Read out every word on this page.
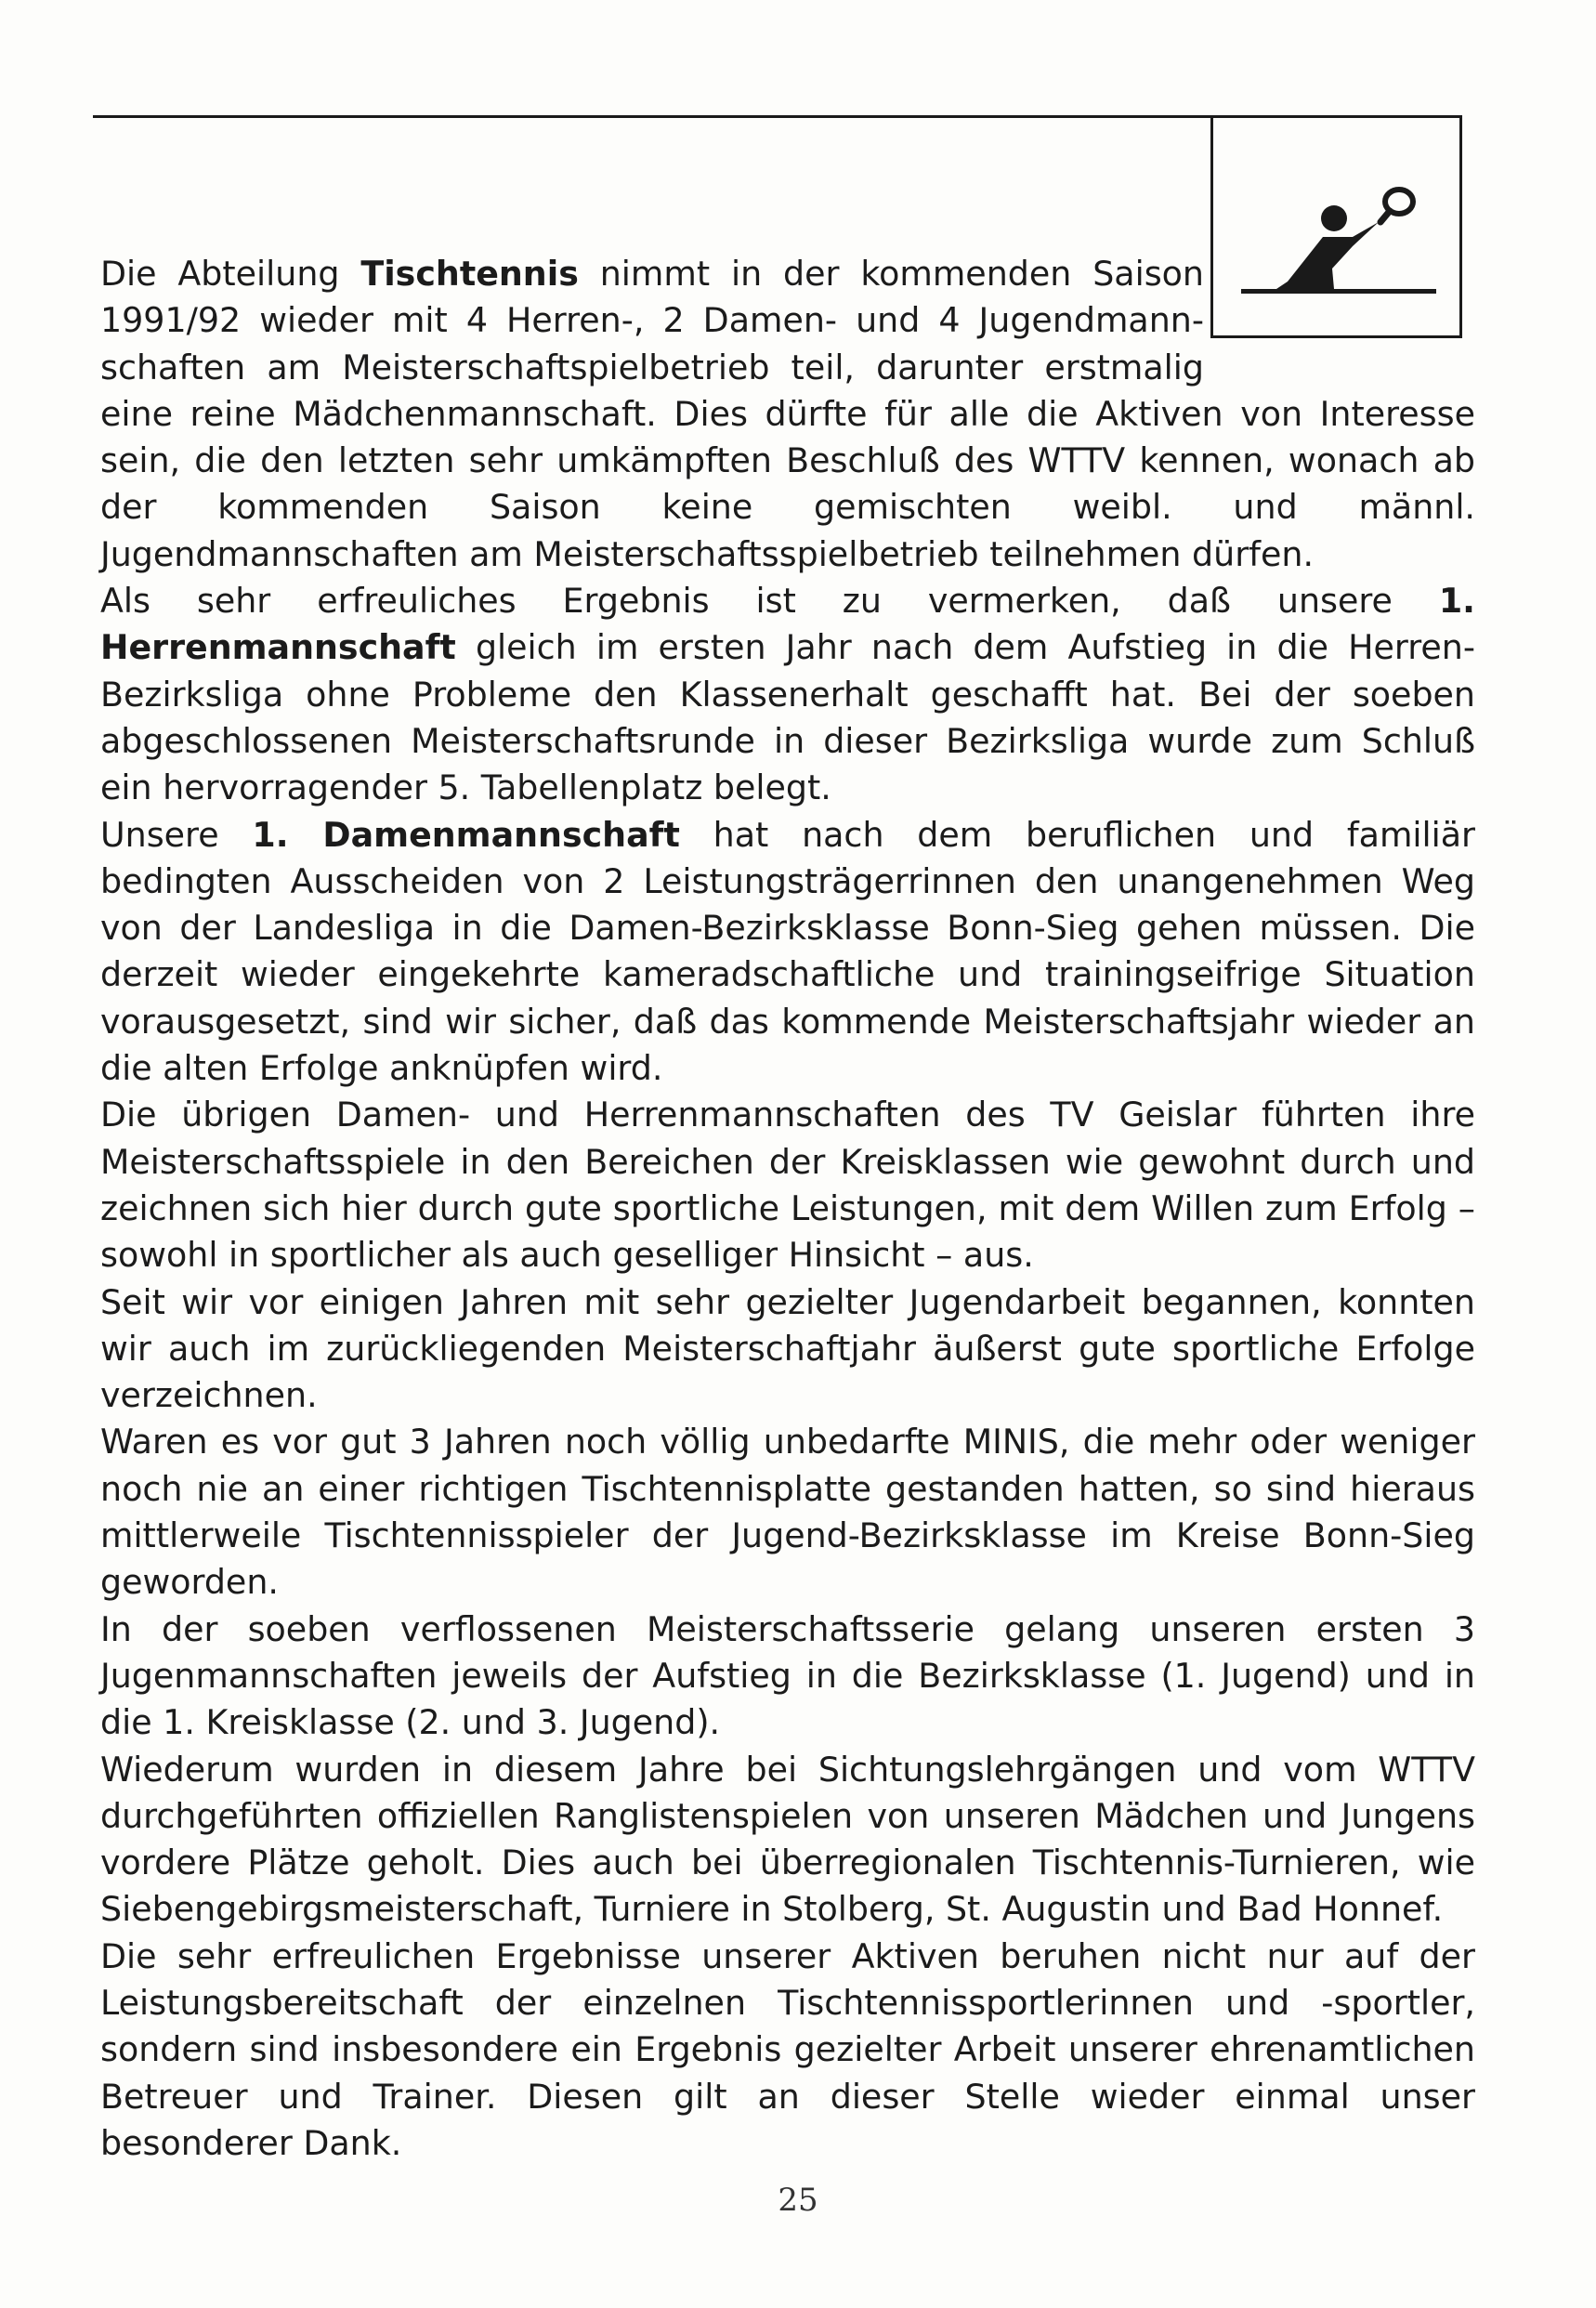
Die Abteilung Tischtennis nimmt in der kommenden Saison
1991/92 wieder mit 4 Herren-, 2 Damen- und 4 Jugendmann-
schaften am Meisterschaftspielbetrieb teil, darunter erstmalig
eine reine Mädchenmannschaft. Dies dürfte für alle die Aktiven von Interesse sein, die den letzten sehr umkämpften Beschluß des WTTV kennen, wonach ab der kommenden Saison keine gemischten weibl. und männl. Jugendmannschaften am Meisterschaftsspielbetrieb teilnehmen dürfen.

Als sehr erfreuliches Ergebnis ist zu vermerken, daß unsere 1. Herrenmannschaft gleich im ersten Jahr nach dem Aufstieg in die Herren-Bezirksliga ohne Probleme den Klassenerhalt geschafft hat. Bei der soeben abgeschlossenen Meisterschaftsrunde in dieser Bezirksliga wurde zum Schluß ein hervorragender 5. Tabellenplatz belegt.

Unsere 1. Damenmannschaft hat nach dem beruflichen und familiär bedingten Ausscheiden von 2 Leistungsträgerrinnen den unangenehmen Weg von der Landesliga in die Damen-Bezirksklasse Bonn-Sieg gehen müssen. Die derzeit wieder eingekehrte kameradschaftliche und trainingseifrige Situation vorausgesetzt, sind wir sicher, daß das kommende Meisterschaftsjahr wieder an die alten Erfolge anknüpfen wird.

Die übrigen Damen- und Herrenmannschaften des TV Geislar führten ihre Meisterschaftsspiele in den Bereichen der Kreisklassen wie gewohnt durch und zeichnen sich hier durch gute sportliche Leistungen, mit dem Willen zum Erfolg – sowohl in sportlicher als auch geselliger Hinsicht – aus.

Seit wir vor einigen Jahren mit sehr gezielter Jugendarbeit begannen, konnten wir auch im zurückliegenden Meisterschaftjahr äußerst gute sportliche Erfolge verzeichnen.

Waren es vor gut 3 Jahren noch völlig unbedarfte MINIS, die mehr oder weniger noch nie an einer richtigen Tischtennisplatte gestanden hatten, so sind hieraus mittlerweile Tischtennisspieler der Jugend-Bezirksklasse im Kreise Bonn-Sieg geworden.

In der soeben verflossenen Meisterschaftsserie gelang unseren ersten 3 Jugenmannschaften jeweils der Aufstieg in die Bezirksklasse (1. Jugend) und in die 1. Kreisklasse (2. und 3. Jugend).

Wiederum wurden in diesem Jahre bei Sichtungslehrgängen und vom WTTV durchgeführten offiziellen Ranglistenspielen von unseren Mädchen und Jungens vordere Plätze geholt. Dies auch bei überregionalen Tischtennis-Turnieren, wie Siebengebirgsmeisterschaft, Turniere in Stolberg, St. Augustin und Bad Honnef.

Die sehr erfreulichen Ergebnisse unserer Aktiven beruhen nicht nur auf der Leistungsbereitschaft der einzelnen Tischtennissportlerinnen und -sportler, sondern sind insbesondere ein Ergebnis gezielter Arbeit unserer ehrenamtlichen Betreuer und Trainer. Diesen gilt an dieser Stelle wieder einmal unser besonderer Dank.

25
